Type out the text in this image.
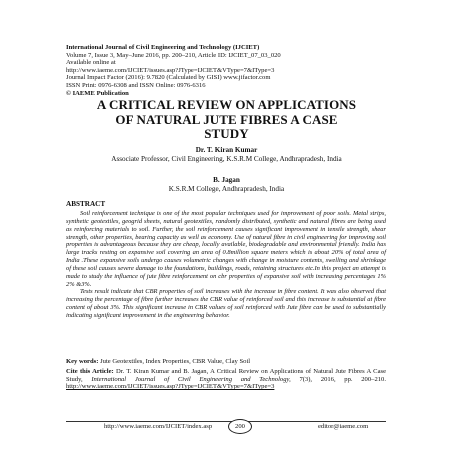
International Journal of Civil Engineering and Technology (IJCIET)
Volume 7, Issue 3, May–June 2016, pp. 200–210, Article ID: IJCIET_07_03_020
Available online at
http://www.iaeme.com/IJCIET/issues.asp?JType=IJCIET&VType=7&IType=3
Journal Impact Factor (2016): 9.7820 (Calculated by GISI) www.jifactor.com
ISSN Print: 0976-6308 and ISSN Online: 0976-6316
© IAEME Publication
A CRITICAL REVIEW ON APPLICATIONS
OF NATURAL JUTE FIBRES A CASE
STUDY
Dr. T. Kiran Kumar
Associate Professor, Civil Engineering, K.S.R.M College, Andhrapradesh, India
B. Jagan
K.S.R.M College, Andhrapradesh, India
ABSTRACT

Soil reinforcement technique is one of the most popular techniques used for improvement of poor soils. Metal strips, synthetic geotextiles, geogrid sheets, natural geotextiles, randomly distributed, synthetic and natural fibres are being used as reinforcing materials to soil. Further, the soil reinforcement causes significant improvement in tensile strength, shear strength, other properties, bearing capacity as well as economy. Use of natural fibre in civil engineering for improving soil properties is advantageous because they are cheap, locally available, biodegradable and environmental friendly. India has large tracks resting on expansive soil covering an area of 0.8million square meters which is about 20% of total area of India .These expansive soils undergo causes volumetric changes with change in moisture contents, swelling and shrinkage of these soil causes severe damage to the foundations, buildings, roads, retaining structures etc.In this project an attempt is made to study the influence of jute fibre reinforcement on cbr properties of expansive soil with increasing percentages 1% 2% &3%.

Tests result indicate that CBR properties of soil increases with the increase in fibre content. It was also observed that increasing the percentage of fibre further increases the CBR value of reinforced soil and this increase is substantial at fibre content of about 3%. This significant increase in CBR values of soil reinforced with Jute fibre can be used to substantially indicating significant improvement in the engineering behavior.

Key words: Jute Geotextiles, Index Properties, CBR Value, Clay Soil
Cite this Article: Dr. T. Kiran Kumar and B. Jagan, A Critical Review on Applications of Natural Jute Fibres A Case Study, International Journal of Civil Engineering and Technology, 7(3), 2016, pp. 200–210. http://www.iaeme.com/IJCIET/issues.asp?JType=IJCIET&VType=7&IType=3
http://www.iaeme.com/IJCIET/index.asp	200	editor@iaeme.com
